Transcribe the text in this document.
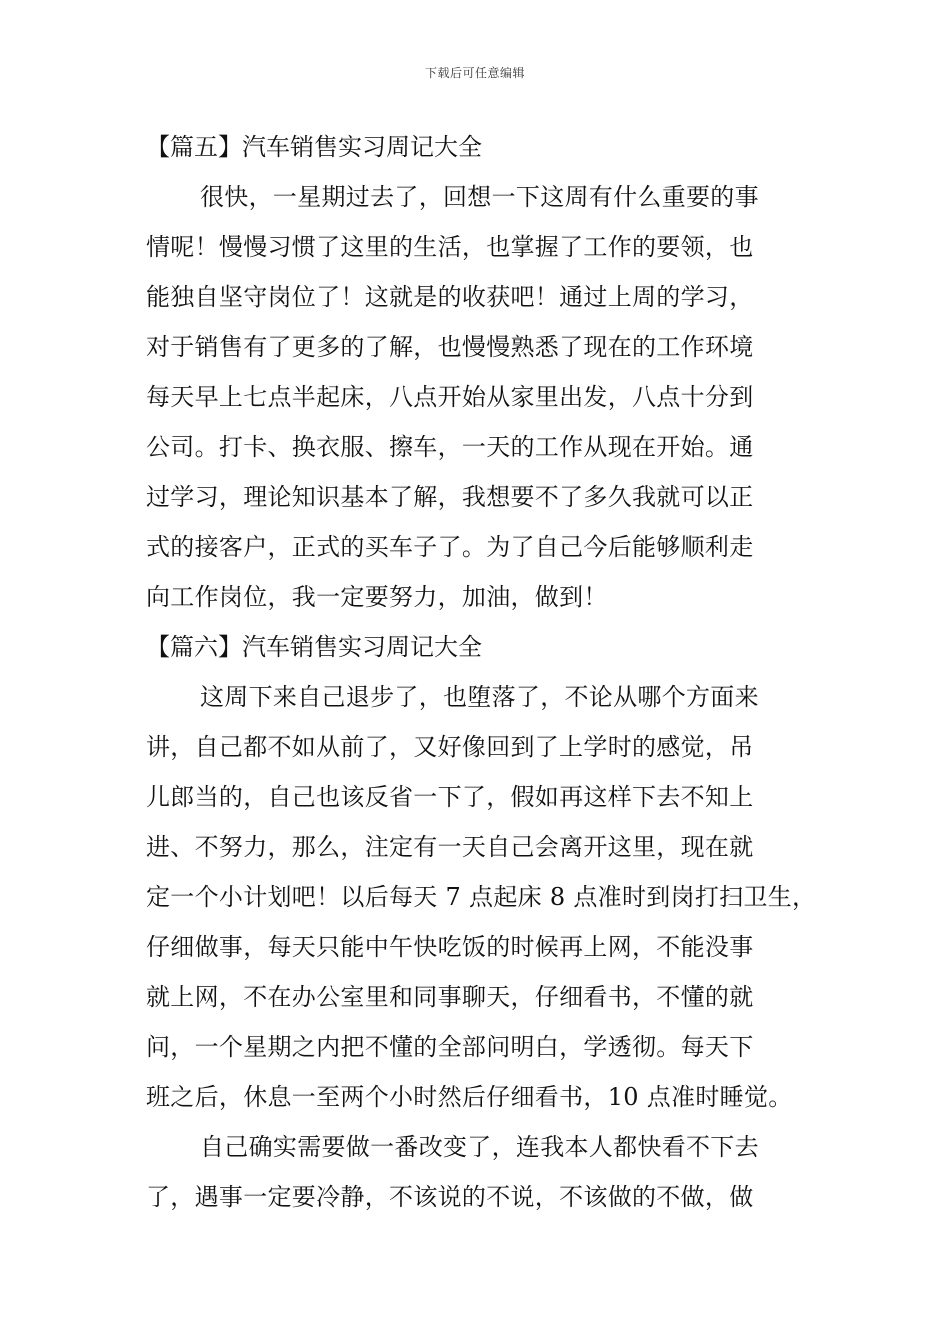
下载后可任意编辑
【篇五】汽车销售实习周记大全
很快，一星期过去了，回想一下这周有什么重要的事
情呢！慢慢习惯了这里的生活，也掌握了工作的要领，也
能独自坚守岗位了！这就是的收获吧！通过上周的学习，
对于销售有了更多的了解，也慢慢熟悉了现在的工作环境
每天早上七点半起床，八点开始从家里出发，八点十分到
公司。打卡、换衣服、擦车，一天的工作从现在开始。通
过学习，理论知识基本了解，我想要不了多久我就可以正
式的接客户，正式的买车子了。为了自己今后能够顺利走
向工作岗位，我一定要努力，加油，做到！
【篇六】汽车销售实习周记大全
这周下来自己退步了，也堕落了，不论从哪个方面来
讲，自己都不如从前了，又好像回到了上学时的感觉，吊
儿郎当的，自己也该反省一下了，假如再这样下去不知上
进、不努力，那么，注定有一天自己会离开这里，现在就
定一个小计划吧！以后每天 7 点起床 8 点准时到岗打扫卫生，
仔细做事，每天只能中午快吃饭的时候再上网，不能没事
就上网，不在办公室里和同事聊天，仔细看书，不懂的就
问，一个星期之内把不懂的全部问明白，学透彻。每天下
班之后，休息一至两个小时然后仔细看书，10 点准时睡觉。
自己确实需要做一番改变了，连我本人都快看不下去
了，遇事一定要冷静，不该说的不说，不该做的不做，做
